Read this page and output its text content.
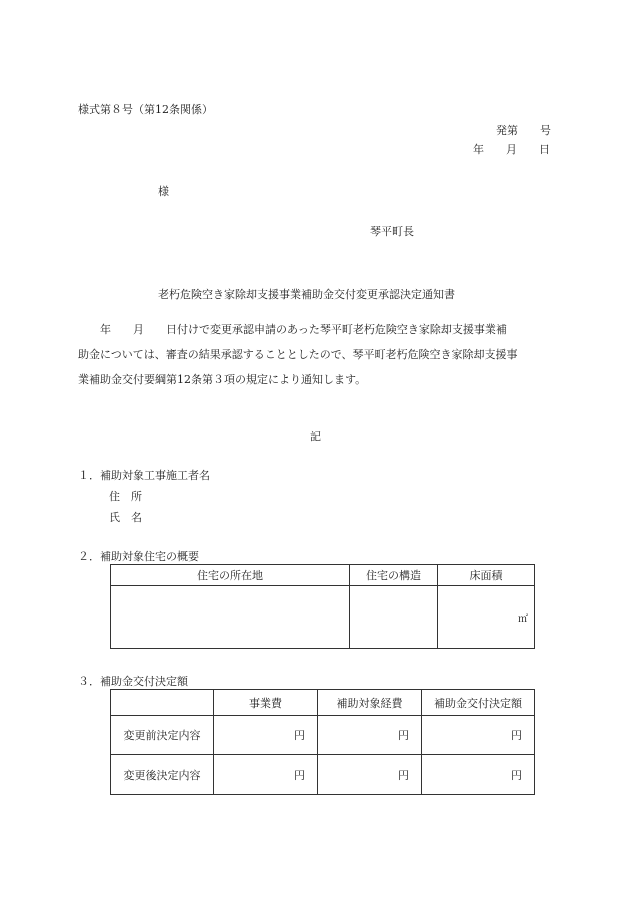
様式第８号（第12条関係）
発第　　号
年　　月　　日
様
琴平町長
老朽危険空き家除却支援事業補助金交付変更承認決定通知書
　　年　　月　　日付けで変更承認申請のあった琴平町老朽危険空き家除却支援事業補
助金については、審査の結果承認することとしたので、琴平町老朽危険空き家除却支援事
業補助金交付要綱第12条第３項の規定により通知します。
記
１．補助対象工事施工者名
住　所
氏　名
２．補助対象住宅の概要
住宅の所在地	住宅の構造	床面積

		㎡
３．補助金交付決定額
	事業費	補助対象経費	補助金交付決定額
変更前決定内容	円	円	円
変更後決定内容	円	円	円
